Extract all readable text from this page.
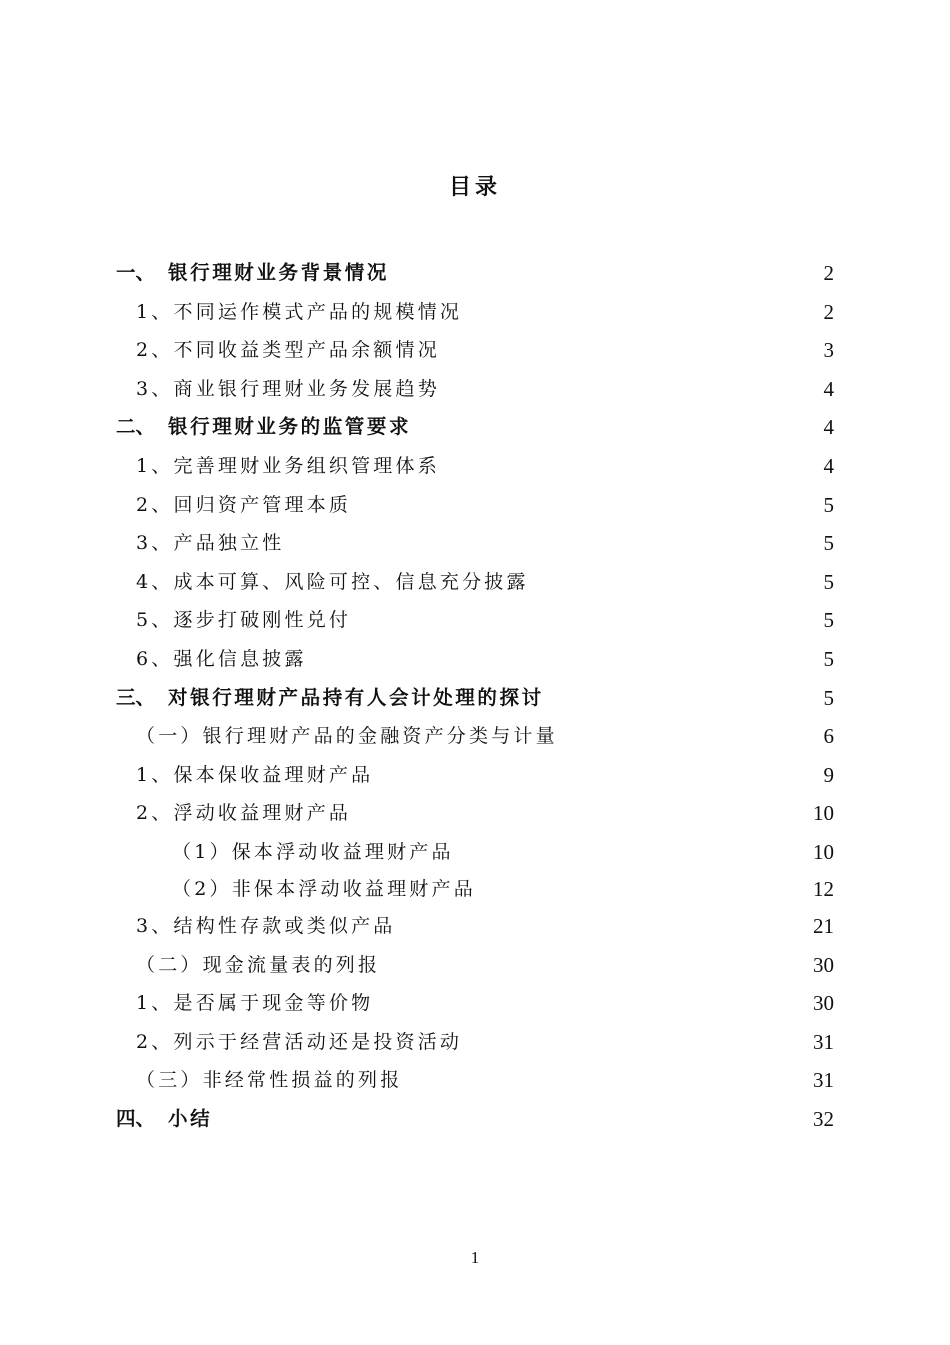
目录
一、 银行理财业务背景情况	2
1、不同运作模式产品的规模情况	2
2、不同收益类型产品余额情况	3
3、商业银行理财业务发展趋势	4
二、 银行理财业务的监管要求	4
1、完善理财业务组织管理体系	4
2、回归资产管理本质	5
3、产品独立性	5
4、成本可算、风险可控、信息充分披露	5
5、逐步打破刚性兑付	5
6、强化信息披露	5
三、 对银行理财产品持有人会计处理的探讨	5
（一）银行理财产品的金融资产分类与计量	6
1、保本保收益理财产品	9
2、浮动收益理财产品	10
（1）保本浮动收益理财产品	10
（2）非保本浮动收益理财产品	12
3、结构性存款或类似产品	21
（二）现金流量表的列报	30
1、是否属于现金等价物	30
2、列示于经营活动还是投资活动	31
（三）非经常性损益的列报	31
四、 小结	32
1
